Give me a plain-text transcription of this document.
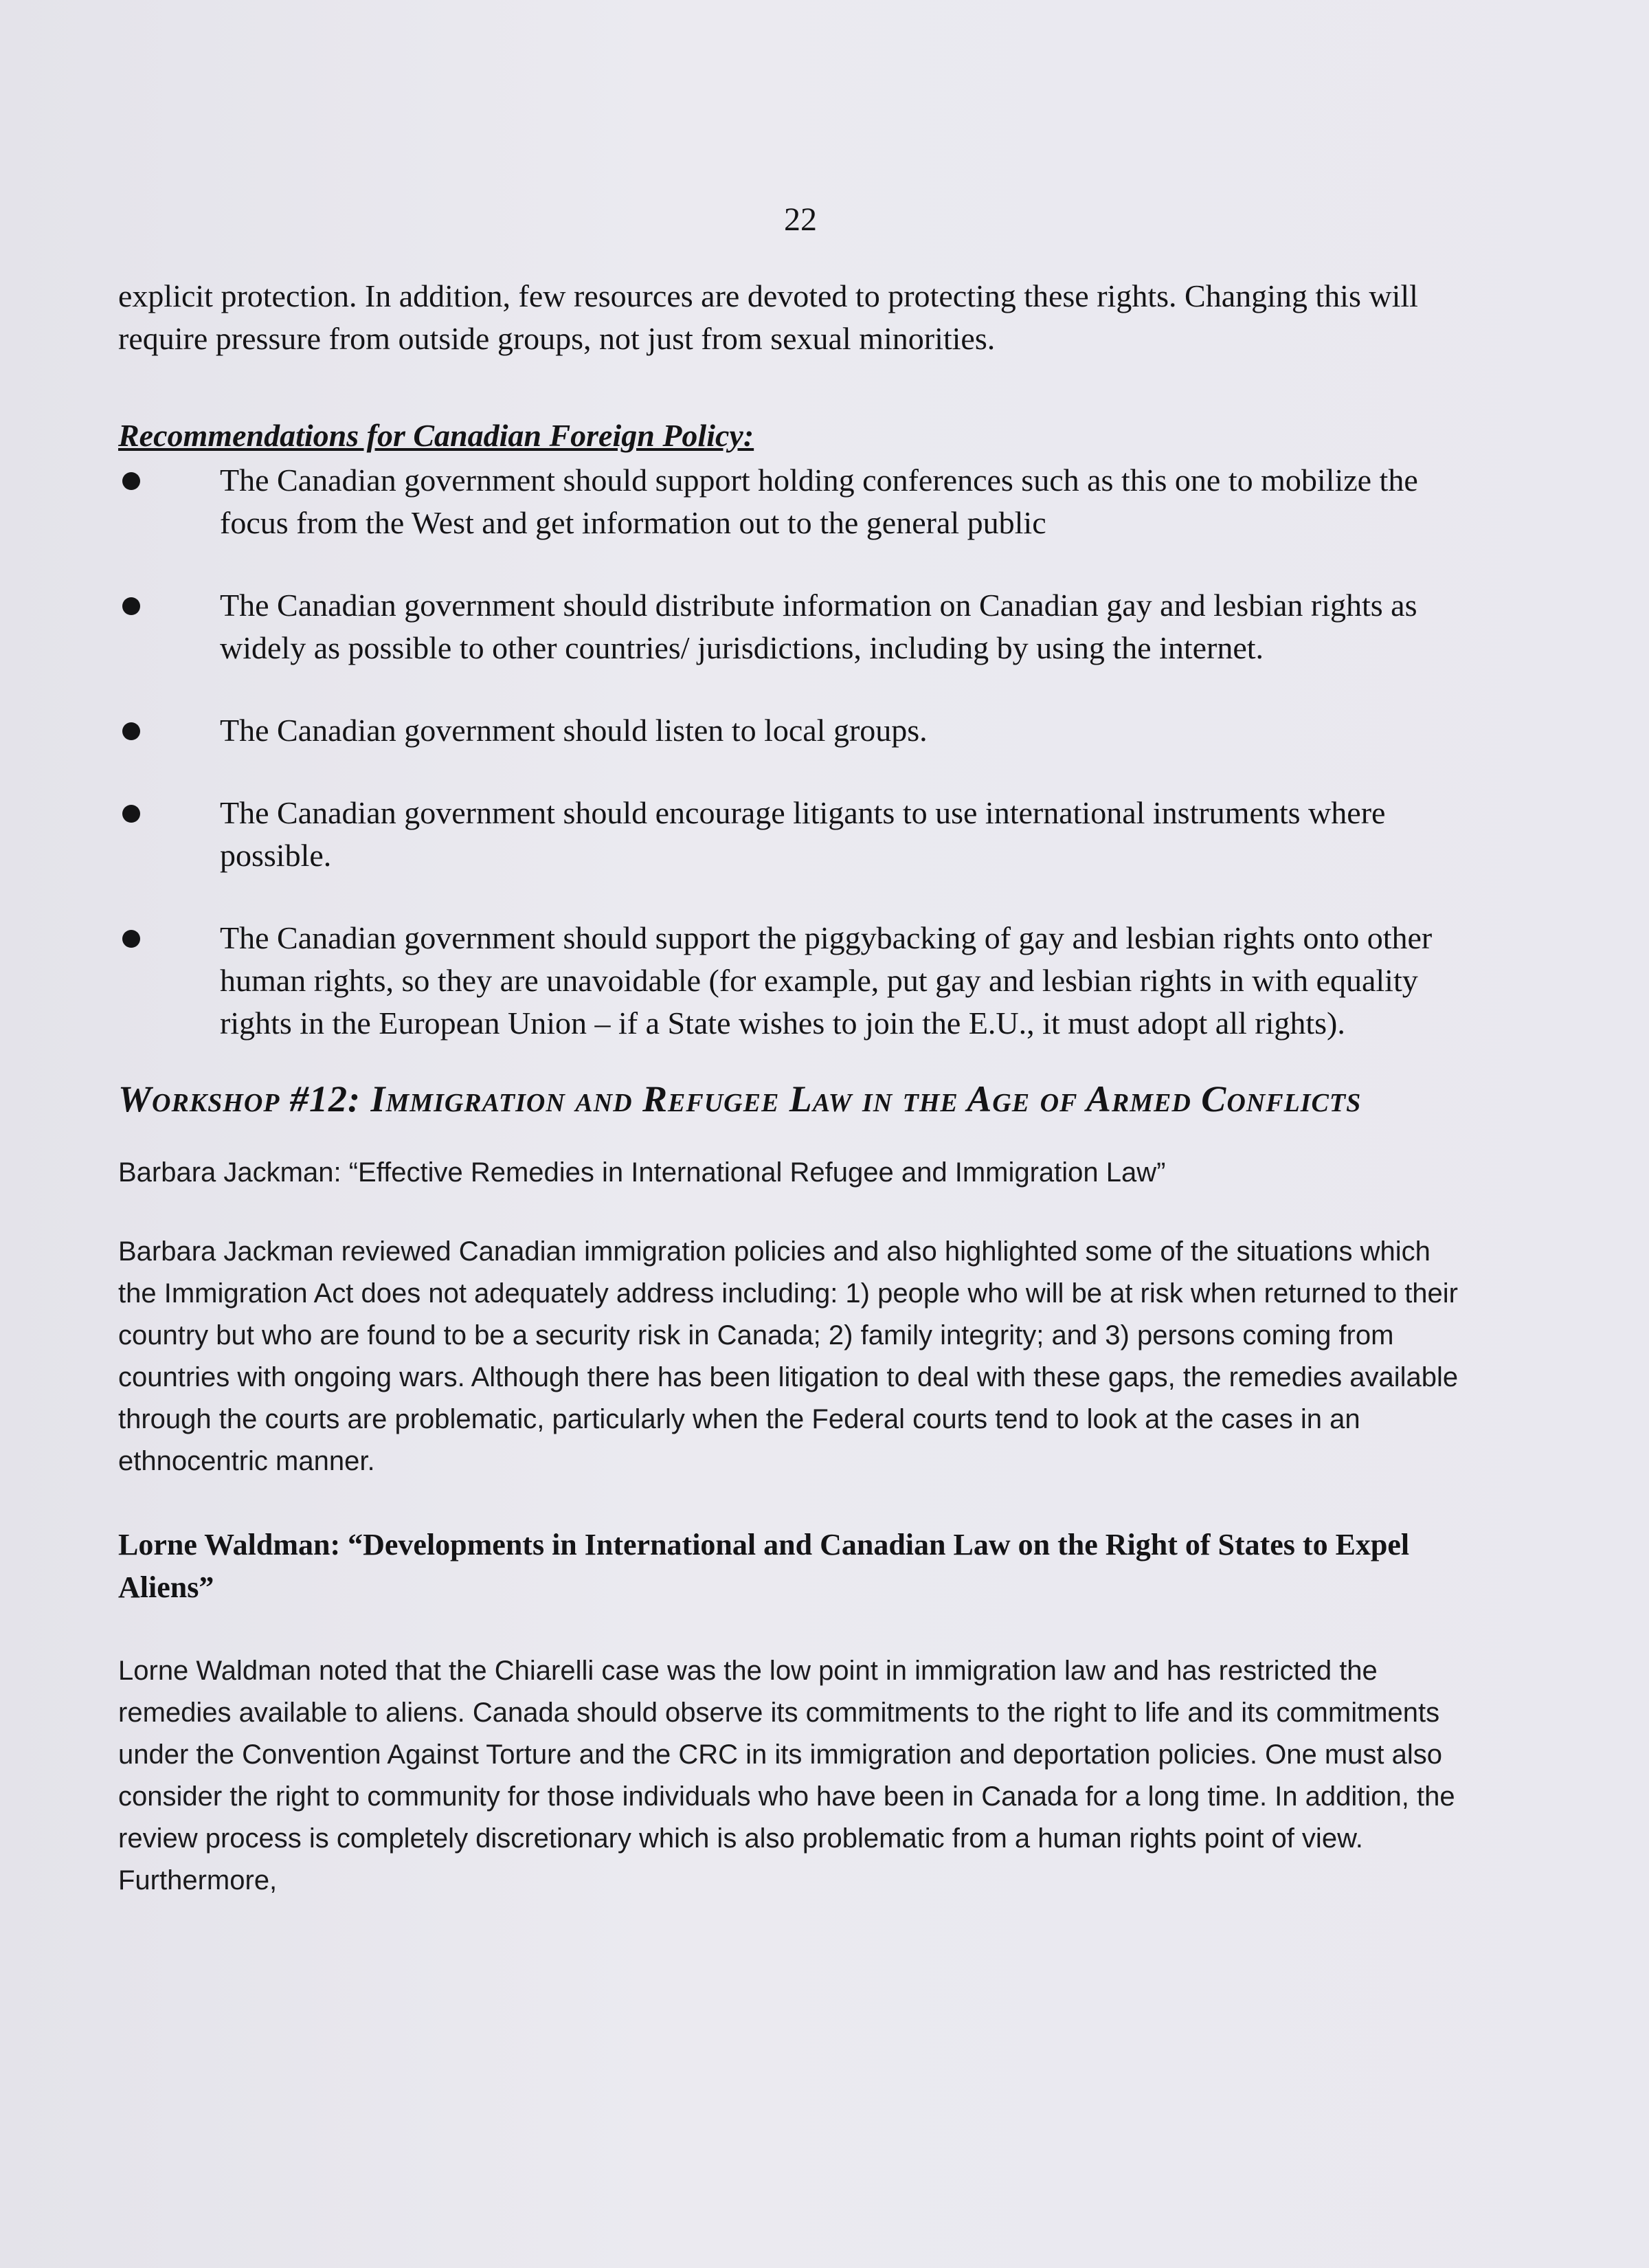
22

explicit protection. In addition, few resources are devoted to protecting these rights. Changing this will require pressure from outside groups, not just from sexual minorities.

Recommendations for Canadian Foreign Policy:
The Canadian government should support holding conferences such as this one to mobilize the focus from the West and get information out to the general public
The Canadian government should distribute information on Canadian gay and lesbian rights as widely as possible to other countries/ jurisdictions, including by using the internet.
The Canadian government should listen to local groups.
The Canadian government should encourage litigants to use international instruments where possible.
The Canadian government should support the piggybacking of gay and lesbian rights onto other human rights, so they are unavoidable (for example, put gay and lesbian rights in with equality rights in the European Union – if a State wishes to join the E.U., it must adopt all rights).
Workshop #12: Immigration and Refugee Law in the Age of Armed Conflicts

Barbara Jackman: “Effective Remedies in International Refugee and Immigration Law”

Barbara Jackman reviewed Canadian immigration policies and also highlighted some of the situations which the Immigration Act does not adequately address including: 1) people who will be at risk when returned to their country but who are found to be a security risk in Canada; 2) family integrity; and 3) persons coming from countries with ongoing wars. Although there has been litigation to deal with these gaps, the remedies available through the courts are problematic, particularly when the Federal courts tend to look at the cases in an ethnocentric manner.

Lorne Waldman: “Developments in International and Canadian Law on the Right of States to Expel Aliens”

Lorne Waldman noted that the Chiarelli case was the low point in immigration law and has restricted the remedies available to aliens. Canada should observe its commitments to the right to life and its commitments under the Convention Against Torture and the CRC in its immigration and deportation policies. One must also consider the right to community for those individuals who have been in Canada for a long time. In addition, the review process is completely discretionary which is also problematic from a human rights point of view. Furthermore,
